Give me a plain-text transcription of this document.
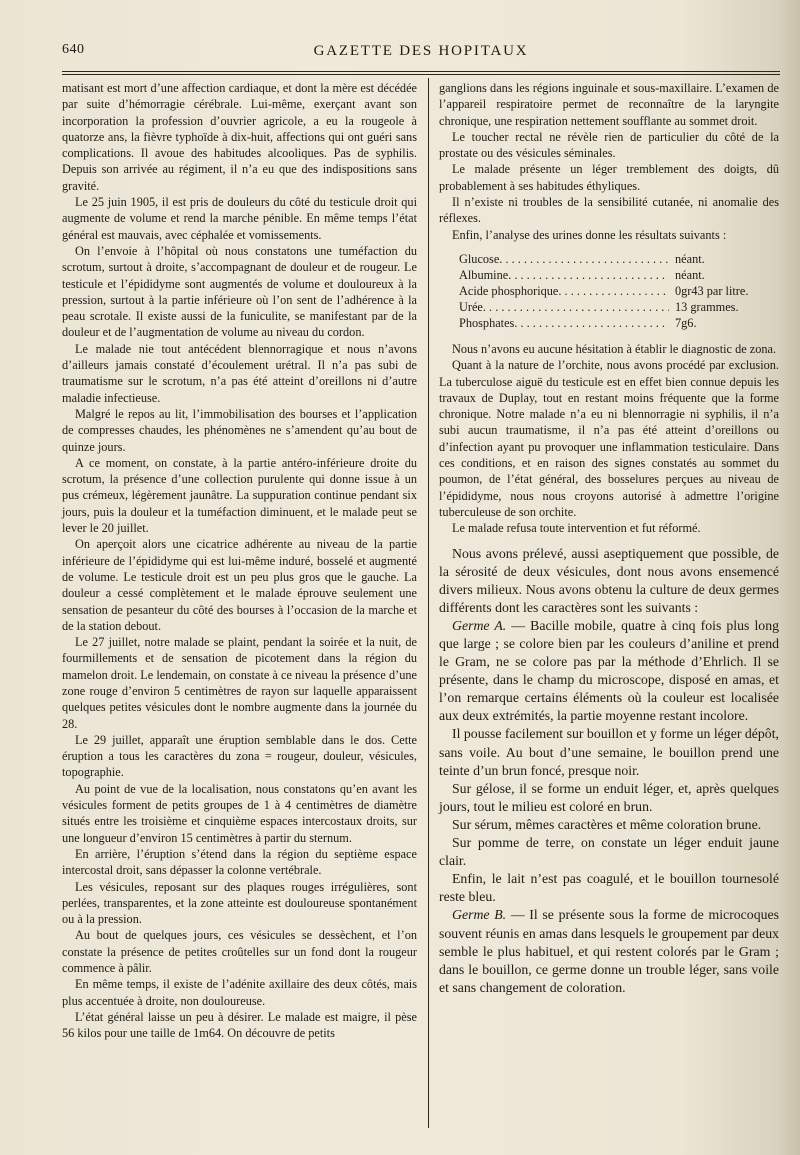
640	GAZETTE DES HOPITAUX

matisant est mort d’une affection cardiaque, et dont la mère est décédée par suite d’hémorragie cérébrale. Lui-même, exerçant avant son incorporation la profession d’ouvrier agricole, a eu la rougeole à quatorze ans, la fièvre typhoïde à dix-huit, affections qui ont guéri sans complications. Il avoue des habitudes alcooliques. Pas de syphilis. Depuis son arrivée au régiment, il n’a eu que des indispositions sans gravité.

Le 25 juin 1905, il est pris de douleurs du côté du testicule droit qui augmente de volume et rend la marche pénible. En même temps l’état général est mauvais, avec céphalée et vomissements.

On l’envoie à l’hôpital où nous constatons une tuméfaction du scrotum, surtout à droite, s’accompagnant de douleur et de rougeur. Le testicule et l’épididyme sont augmentés de volume et douloureux à la pression, surtout à la partie inférieure où l’on sent de l’adhérence à la peau scrotale. Il existe aussi de la funiculite, se manifestant par de la douleur et de l’augmentation de volume au niveau du cordon.

Le malade nie tout antécédent blennorragique et nous n’avons d’ailleurs jamais constaté d’écoulement urétral. Il n’a pas subi de traumatisme sur le scrotum, n’a pas été atteint d’oreillons ni d’autre maladie infectieuse.

Malgré le repos au lit, l’immobilisation des bourses et l’application de compresses chaudes, les phénomènes ne s’amendent qu’au bout de quinze jours.

A ce moment, on constate, à la partie antéro-inférieure droite du scrotum, la présence d’une collection purulente qui donne issue à un pus crémeux, légèrement jaunâtre. La suppuration continue pendant six jours, puis la douleur et la tuméfaction diminuent, et le malade peut se lever le 20 juillet.

On aperçoit alors une cicatrice adhérente au niveau de la partie inférieure de l’épididyme qui est lui-même induré, bosselé et augmenté de volume. Le testicule droit est un peu plus gros que le gauche. La douleur a cessé complètement et le malade éprouve seulement une sensation de pesanteur du côté des bourses à l’occasion de la marche et de la station debout.

Le 27 juillet, notre malade se plaint, pendant la soirée et la nuit, de fourmillements et de sensation de picotement dans la région du mamelon droit. Le lendemain, on constate à ce niveau la présence d’une zone rouge d’environ 5 centimètres de rayon sur laquelle apparaissent quelques petites vésicules dont le nombre augmente dans la journée du 28.

Le 29 juillet, apparaît une éruption semblable dans le dos. Cette éruption a tous les caractères du zona = rougeur, douleur, vésicules, topographie.

Au point de vue de la localisation, nous constatons qu’en avant les vésicules forment de petits groupes de 1 à 4 centimètres de diamètre situés entre les troisième et cinquième espaces intercostaux droits, sur une longueur d’environ 15 centimètres à partir du sternum.

En arrière, l’éruption s’étend dans la région du septième espace intercostal droit, sans dépasser la colonne vertébrale.

Les vésicules, reposant sur des plaques rouges irrégulières, sont perlées, transparentes, et la zone atteinte est douloureuse spontanément ou à la pression.

Au bout de quelques jours, ces vésicules se dessèchent, et l’on constate la présence de petites croûtelles sur un fond dont la rougeur commence à pâlir.

En même temps, il existe de l’adénite axillaire des deux côtés, mais plus accentuée à droite, non douloureuse.

L’état général laisse un peu à désirer. Le malade est maigre, il pèse 56 kilos pour une taille de 1m64. On découvre de petits

ganglions dans les régions inguinale et sous-maxillaire. L’examen de l’appareil respiratoire permet de reconnaître de la laryngite chronique, une respiration nettement soufflante au sommet droit.

Le toucher rectal ne révèle rien de particulier du côté de la prostate ou des vésicules séminales.

Le malade présente un léger tremblement des doigts, dû probablement à ses habitudes éthyliques.

Il n’existe ni troubles de la sensibilité cutanée, ni anomalie des réflexes.

Enfin, l’analyse des urines donne les résultats suivants :

Glucose . . .	néant.
Albumine . . .	néant.
Acide phosphorique . . .	0gr43 par litre.
Urée . . .	13 grammes.
Phosphates . . .	7g6.

Nous n’avons eu aucune hésitation à établir le diagnostic de zona.

Quant à la nature de l’orchite, nous avons procédé par exclusion. La tuberculose aiguë du testicule est en effet bien connue depuis les travaux de Duplay, tout en restant moins fréquente que la forme chronique. Notre malade n’a eu ni blennorragie ni syphilis, il n’a subi aucun traumatisme, il n’a pas été atteint d’oreillons ou d’infection ayant pu provoquer une inflammation testiculaire. Dans ces conditions, et en raison des signes constatés au sommet du poumon, de l’état général, des bosselures perçues au niveau de l’épididyme, nous nous croyons autorisé à admettre l’origine tuberculeuse de son orchite.

Le malade refusa toute intervention et fut réformé.

Nous avons prélevé, aussi aseptiquement que possible, de la sérosité de deux vésicules, dont nous avons ensemencé divers milieux. Nous avons obtenu la culture de deux germes différents dont les caractères sont les suivants :

Germe A. — Bacille mobile, quatre à cinq fois plus long que large ; se colore bien par les couleurs d’aniline et prend le Gram, ne se colore pas par la méthode d’Ehrlich. Il se présente, dans le champ du microscope, disposé en amas, et l’on remarque certains éléments où la couleur est localisée aux deux extrémités, la partie moyenne restant incolore.

Il pousse facilement sur bouillon et y forme un léger dépôt, sans voile. Au bout d’une semaine, le bouillon prend une teinte d’un brun foncé, presque noir.

Sur gélose, il se forme un enduit léger, et, après quelques jours, tout le milieu est coloré en brun.

Sur sérum, mêmes caractères et même coloration brune.

Sur pomme de terre, on constate un léger enduit jaune clair.

Enfin, le lait n’est pas coagulé, et le bouillon tournesolé reste bleu.

Germe B. — Il se présente sous la forme de microcoques souvent réunis en amas dans lesquels le groupement par deux semble le plus habituel, et qui restent colorés par le Gram ; dans le bouillon, ce germe donne un trouble léger, sans voile et sans changement de coloration.
